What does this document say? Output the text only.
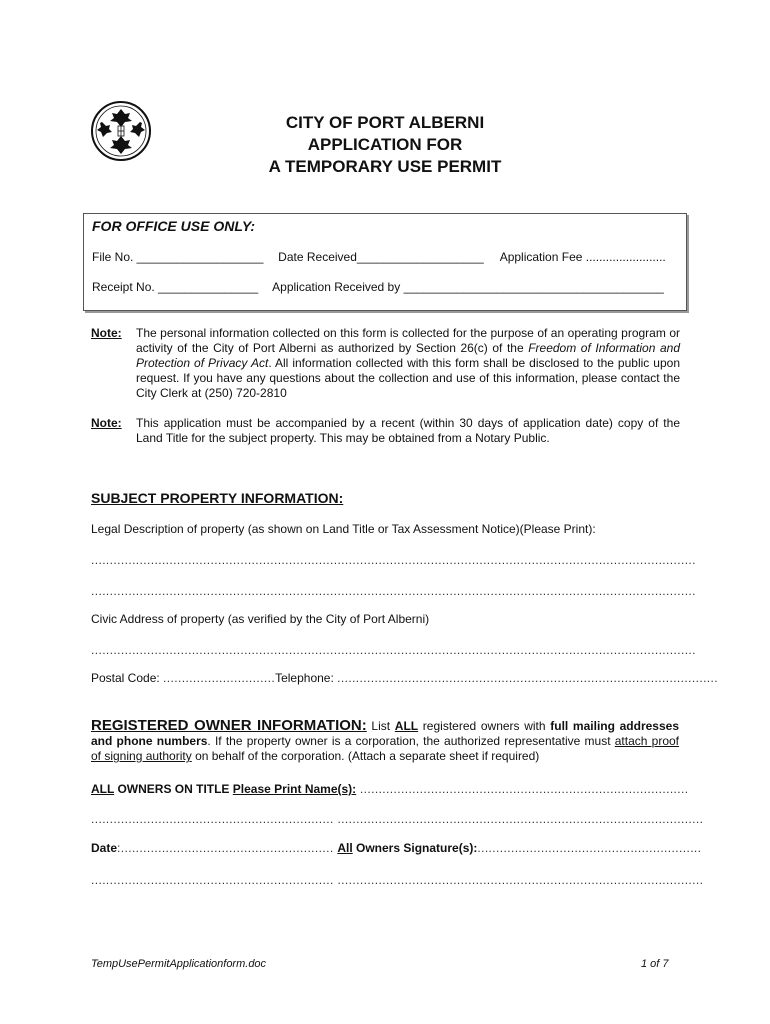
CITY OF PORT ALBERNI
APPLICATION FOR
A TEMPORARY USE PERMIT
FOR OFFICE USE ONLY:
File No. ___________________ Date Received___________________ Application Fee ........................
Receipt No. _______________ Application Received by _______________________________________
Note: The personal information collected on this form is collected for the purpose of an operating program or activity of the City of Port Alberni as authorized by Section 26(c) of the Freedom of Information and Protection of Privacy Act. All information collected with this form shall be disclosed to the public upon request. If you have any questions about the collection and use of this information, please contact the City Clerk at (250) 720-2810
Note: This application must be accompanied by a recent (within 30 days of application date) copy of the Land Title for the subject property. This may be obtained from a Notary Public.
SUBJECT PROPERTY INFORMATION:
Legal Description of property (as shown on Land Title or Tax Assessment Notice)(Please Print):
..................................................................................................................................................................
..................................................................................................................................................................
Civic Address of property (as verified by the City of Port Alberni)
..................................................................................................................................................................
Postal Code: ..............................Telephone: ......................................................................................................
REGISTERED OWNER INFORMATION: List ALL registered owners with full mailing addresses and phone numbers. If the property owner is a corporation, the authorized representative must attach proof of signing authority on behalf of the corporation. (Attach a separate sheet if required)
ALL OWNERS ON TITLE Please Print Name(s): ........................................................................................
................................................................. ..................................................................................................
Date:......................................................... All Owners Signature(s):............................................................
................................................................. ..................................................................................................
TempUsePermitApplicationform.doc	1 of 7
